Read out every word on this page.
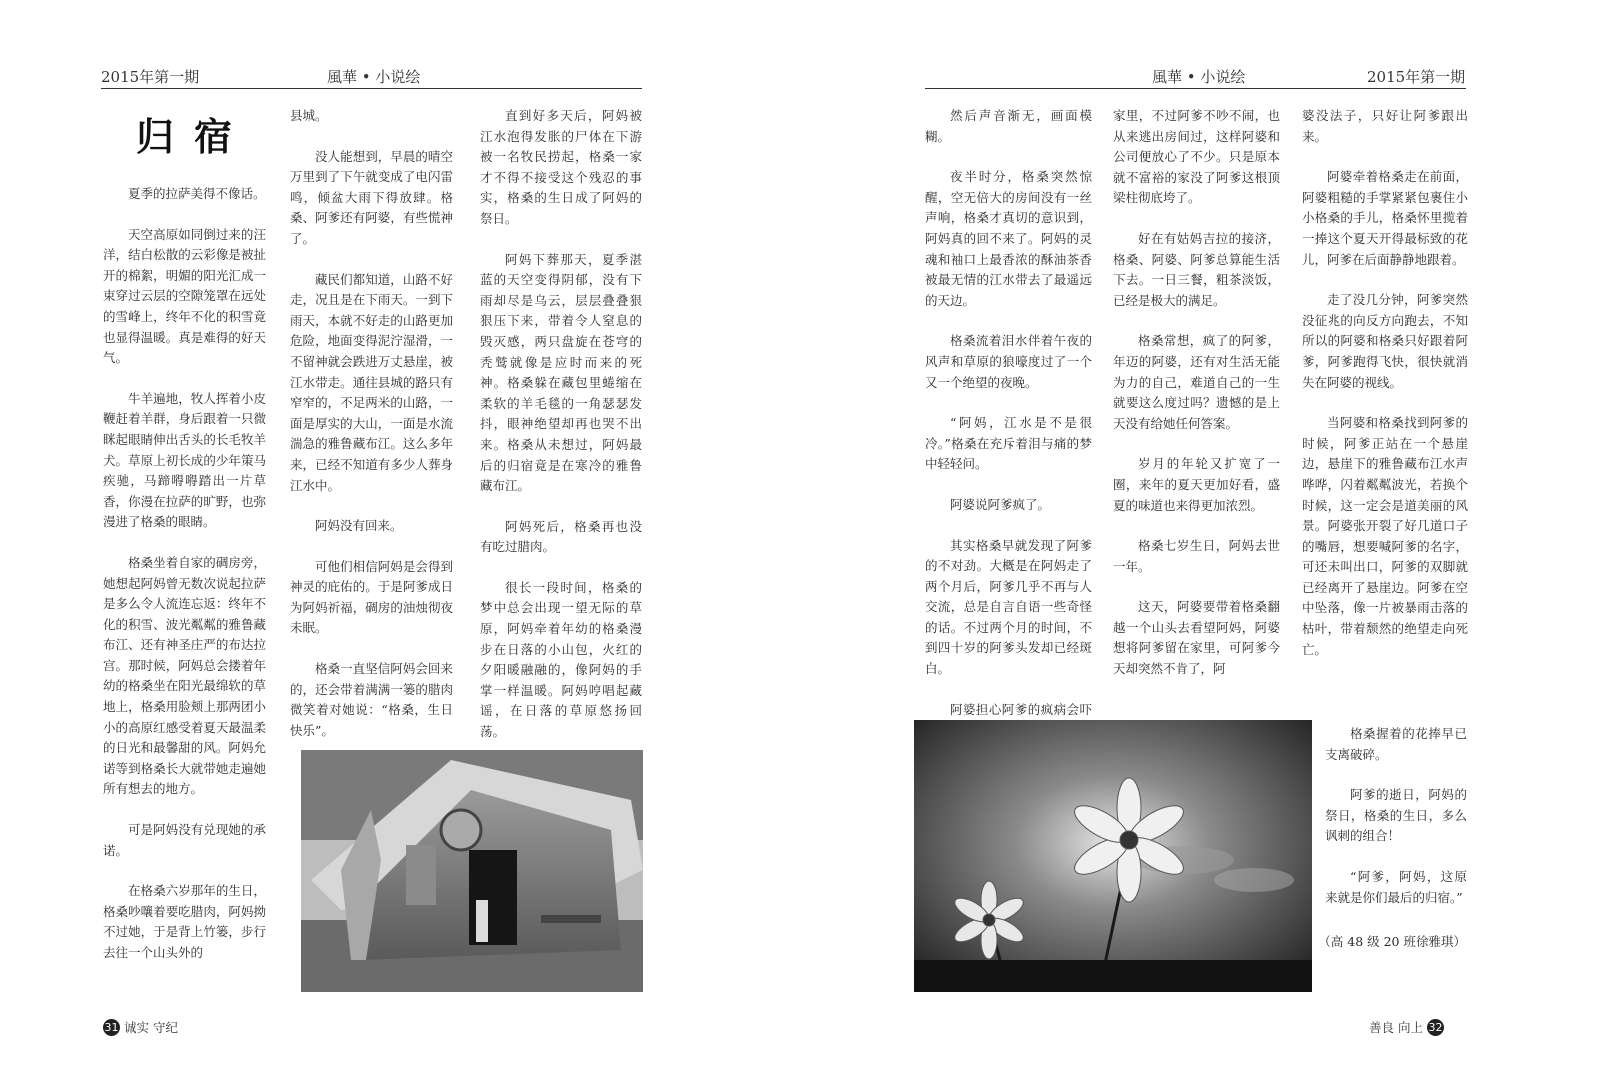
2015年第一期	風華 • 小说绘
归宿

夏季的拉萨美得不像话。

天空高原如同倒过来的汪洋，结白松散的云彩像是被扯开的棉絮，明媚的阳光汇成一束穿过云层的空隙笼罩在远处的雪峰上，终年不化的积雪竟也显得温暖。真是难得的好天气。

牛羊遍地，牧人挥着小皮鞭赶着羊群，身后跟着一只微眯起眼睛伸出舌头的长毛牧羊犬。草原上初长成的少年策马疾驰，马蹄嘚嘚踏出一片草香，你漫在拉萨的旷野，也弥漫进了格桑的眼睛。

格桑坐着自家的碉房旁，她想起阿妈曾无数次说起拉萨是多么令人流连忘返：终年不化的积雪、波光粼粼的雅鲁藏布江、还有神圣庄严的布达拉宫。那时候，阿妈总会搂着年幼的格桑坐在阳光最绵软的草地上，格桑用脸颊上那两团小小的高原红感受着夏天最温柔的日光和最馨甜的风。阿妈允诺等到格桑长大就带她走遍她所有想去的地方。

可是阿妈没有兑现她的承诺。

在格桑六岁那年的生日，格桑吵嚷着要吃腊肉，阿妈拗不过她，于是背上竹篓，步行去往一个山头外的

县城。

没人能想到，早晨的晴空万里到了下午就变成了电闪雷鸣，倾盆大雨下得放肆。格桑、阿爹还有阿婆，有些慌神了。

藏民们都知道，山路不好走，况且是在下雨天。一到下雨天，本就不好走的山路更加危险，地面变得泥泞湿滑，一不留神就会跌进万丈悬崖，被江水带走。通往县城的路只有窄窄的，不足两米的山路，一面是厚实的大山，一面是水流湍急的雅鲁藏布江。这么多年来，已经不知道有多少人葬身江水中。

阿妈没有回来。

可他们相信阿妈是会得到神灵的庇佑的。于是阿爹成日为阿妈祈福，碉房的油烛彻夜未眠。

格桑一直坚信阿妈会回来的，还会带着满满一篓的腊肉微笑着对她说：“格桑，生日快乐”。

直到好多天后，阿妈被江水泡得发胀的尸体在下游被一名牧民捞起，格桑一家才不得不接受这个残忍的事实，格桑的生日成了阿妈的祭日。

阿妈下葬那天，夏季湛蓝的天空变得阴郁，没有下雨却尽是乌云，层层叠叠狠狠压下来，带着令人窒息的毁灭感，两只盘旋在苍穹的秃鹫就像是应时而来的死神。格桑躲在藏包里蜷缩在柔软的羊毛毯的一角瑟瑟发抖，眼神绝望却再也哭不出来。格桑从未想过，阿妈最后的归宿竟是在寒冷的雅鲁藏布江。

阿妈死后，格桑再也没有吃过腊肉。

很长一段时间，格桑的梦中总会出现一望无际的草原，阿妈牵着年幼的格桑漫步在日落的小山包，火红的夕阳暖融融的，像阿妈的手掌一样温暖。阿妈哼唱起藏谣，在日落的草原悠扬回荡。

31 诚实 守纪
風華 • 小说绘	2015年第一期

然后声音渐无，画面模糊。

夜半时分，格桑突然惊醒，空无倍大的房间没有一丝声响，格桑才真切的意识到，阿妈真的回不来了。阿妈的灵魂和袖口上最香浓的酥油茶香被最无情的江水带去了最遥远的天边。

格桑流着泪水伴着午夜的风声和草原的狼嚎度过了一个又一个绝望的夜晚。

“阿妈，江水是不是很冷。”格桑在充斥着泪与痛的梦中轻轻问。

阿婆说阿爹疯了。

其实格桑早就发现了阿爹的不对劲。大概是在阿妈走了两个月后，阿爹几乎不再与人交流，总是自言自语一些奇怪的话。不过两个月的时间，不到四十岁的阿爹头发却已经斑白。

阿婆担心阿爹的疯病会吓

家里，不过阿爹不吵不闹，也从来逃出房间过，这样阿婆和公司便放心了不少。只是原本就不富裕的家没了阿爹这根顶梁柱彻底垮了。

好在有姑妈吉拉的接济，格桑、阿婆、阿爹总算能生活下去。一日三餐，粗茶淡饭，已经是极大的满足。

格桑常想，疯了的阿爹，年迈的阿婆，还有对生活无能为力的自己，难道自己的一生就要这么度过吗？遗憾的是上天没有给她任何答案。

岁月的年轮又扩宽了一圈，来年的夏天更加好看，盛夏的味道也来得更加浓烈。

格桑七岁生日，阿妈去世一年。

这天，阿婆要带着格桑翻越一个山头去看望阿妈，阿婆想将阿爹留在家里，可阿爹今天却突然不肯了，阿

婆没法子，只好让阿爹跟出来。

阿婆牵着格桑走在前面，阿婆粗糙的手掌紧紧包裹住小小格桑的手儿，格桑怀里揽着一捧这个夏天开得最标致的花儿，阿爹在后面静静地跟着。

走了没几分钟，阿爹突然没征兆的向反方向跑去，不知所以的阿婆和格桑只好跟着阿爹，阿爹跑得飞快，很快就消失在阿婆的视线。

当阿婆和格桑找到阿爹的时候，阿爹正站在一个悬崖边，悬崖下的雅鲁藏布江水声哗哗，闪着粼粼波光，若换个时候，这一定会是道美丽的风景。阿婆张开裂了好几道口子的嘴唇，想要喊阿爹的名字，可还未叫出口，阿爹的双脚就已经离开了悬崖边。阿爹在空中坠落，像一片被暴雨击落的枯叶，带着颓然的绝望走向死亡。

格桑握着的花捧早已支离破碎。

阿爹的逝日，阿妈的祭日，格桑的生日，多么讽刺的组合！

“阿爹，阿妈，这原来就是你们最后的归宿。”

（高 48 级 20 班徐雅琪）
善良 向上 32
